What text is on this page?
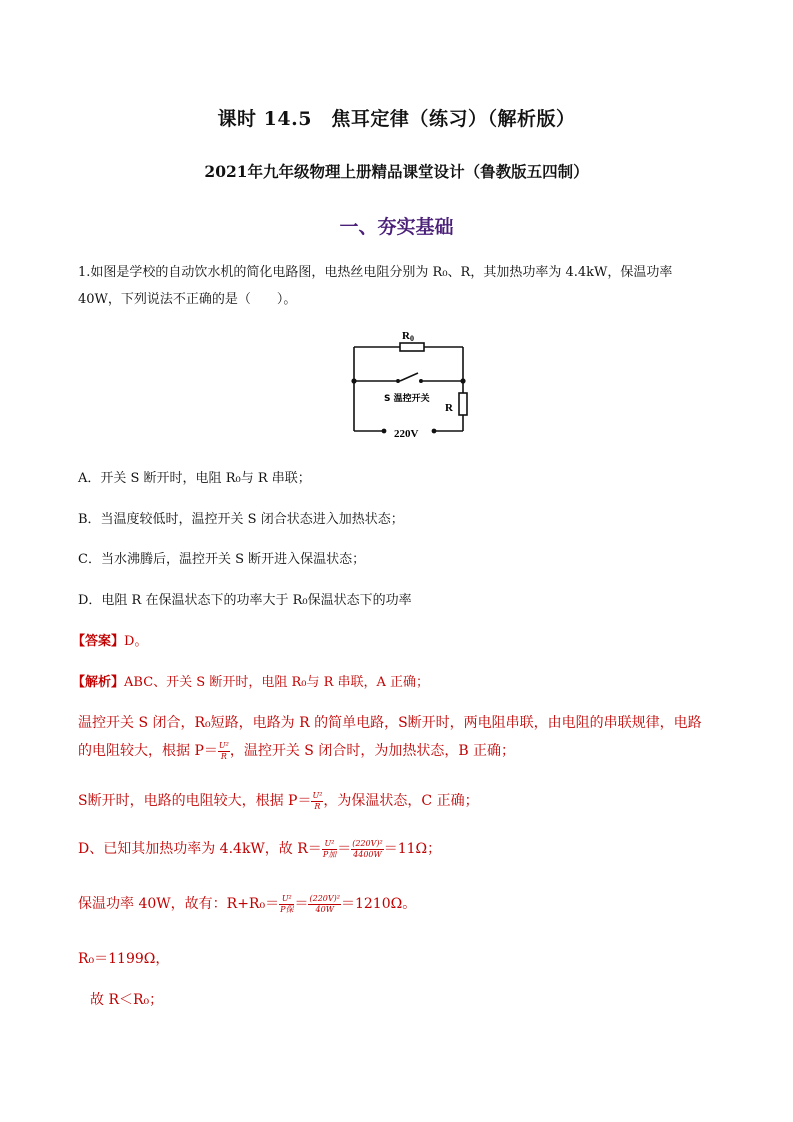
课时 14.5　焦耳定律（练习）（解析版）
2021年九年级物理上册精品课堂设计（鲁教版五四制）
一、夯实基础
1.如图是学校的自动饮水机的简化电路图，电热丝电阻分别为 R₀、R，其加热功率为 4.4kW，保温功率
40W，下列说法不正确的是（　　）。
R0
S 温控开关
R
220V
A．开关 S 断开时，电阻 R₀与 R 串联；
B．当温度较低时，温控开关 S 闭合状态进入加热状态；
C．当水沸腾后，温控开关 S 断开进入保温状态；
D．电阻 R 在保温状态下的功率大于 R₀保温状态下的功率
【答案】D。
【解析】ABC、开关 S 断开时，电阻 R₀与 R 串联，A 正确；
温控开关 S 闭合，R₀短路，电路为 R 的简单电路，S断开时，两电阻串联，由电阻的串联规律，电路
的电阻较大，根据 $P= \frac{\text{U²}}{R}$ ，温控开关 S 闭合时，为加热状态，B 正确；
S断开时，电路的电阻较大，根据 $P= \frac{\text{U²}}{R}$ ，为保温状态，C 正确；
D、已知其加热功率为 4.4kW，故 $R= \frac{\text{U²}}{\text{P加}} = \frac{\text{(220V)²}}{4400W} =11\Omega$；
保温功率 40W，故有：$R+R_0= \frac{\text{U²}}{\text{P保}} = \frac{\text{(220V)²}}{40W} =1210\Omega$。
R₀＝1199Ω，
故 R＜R₀；
